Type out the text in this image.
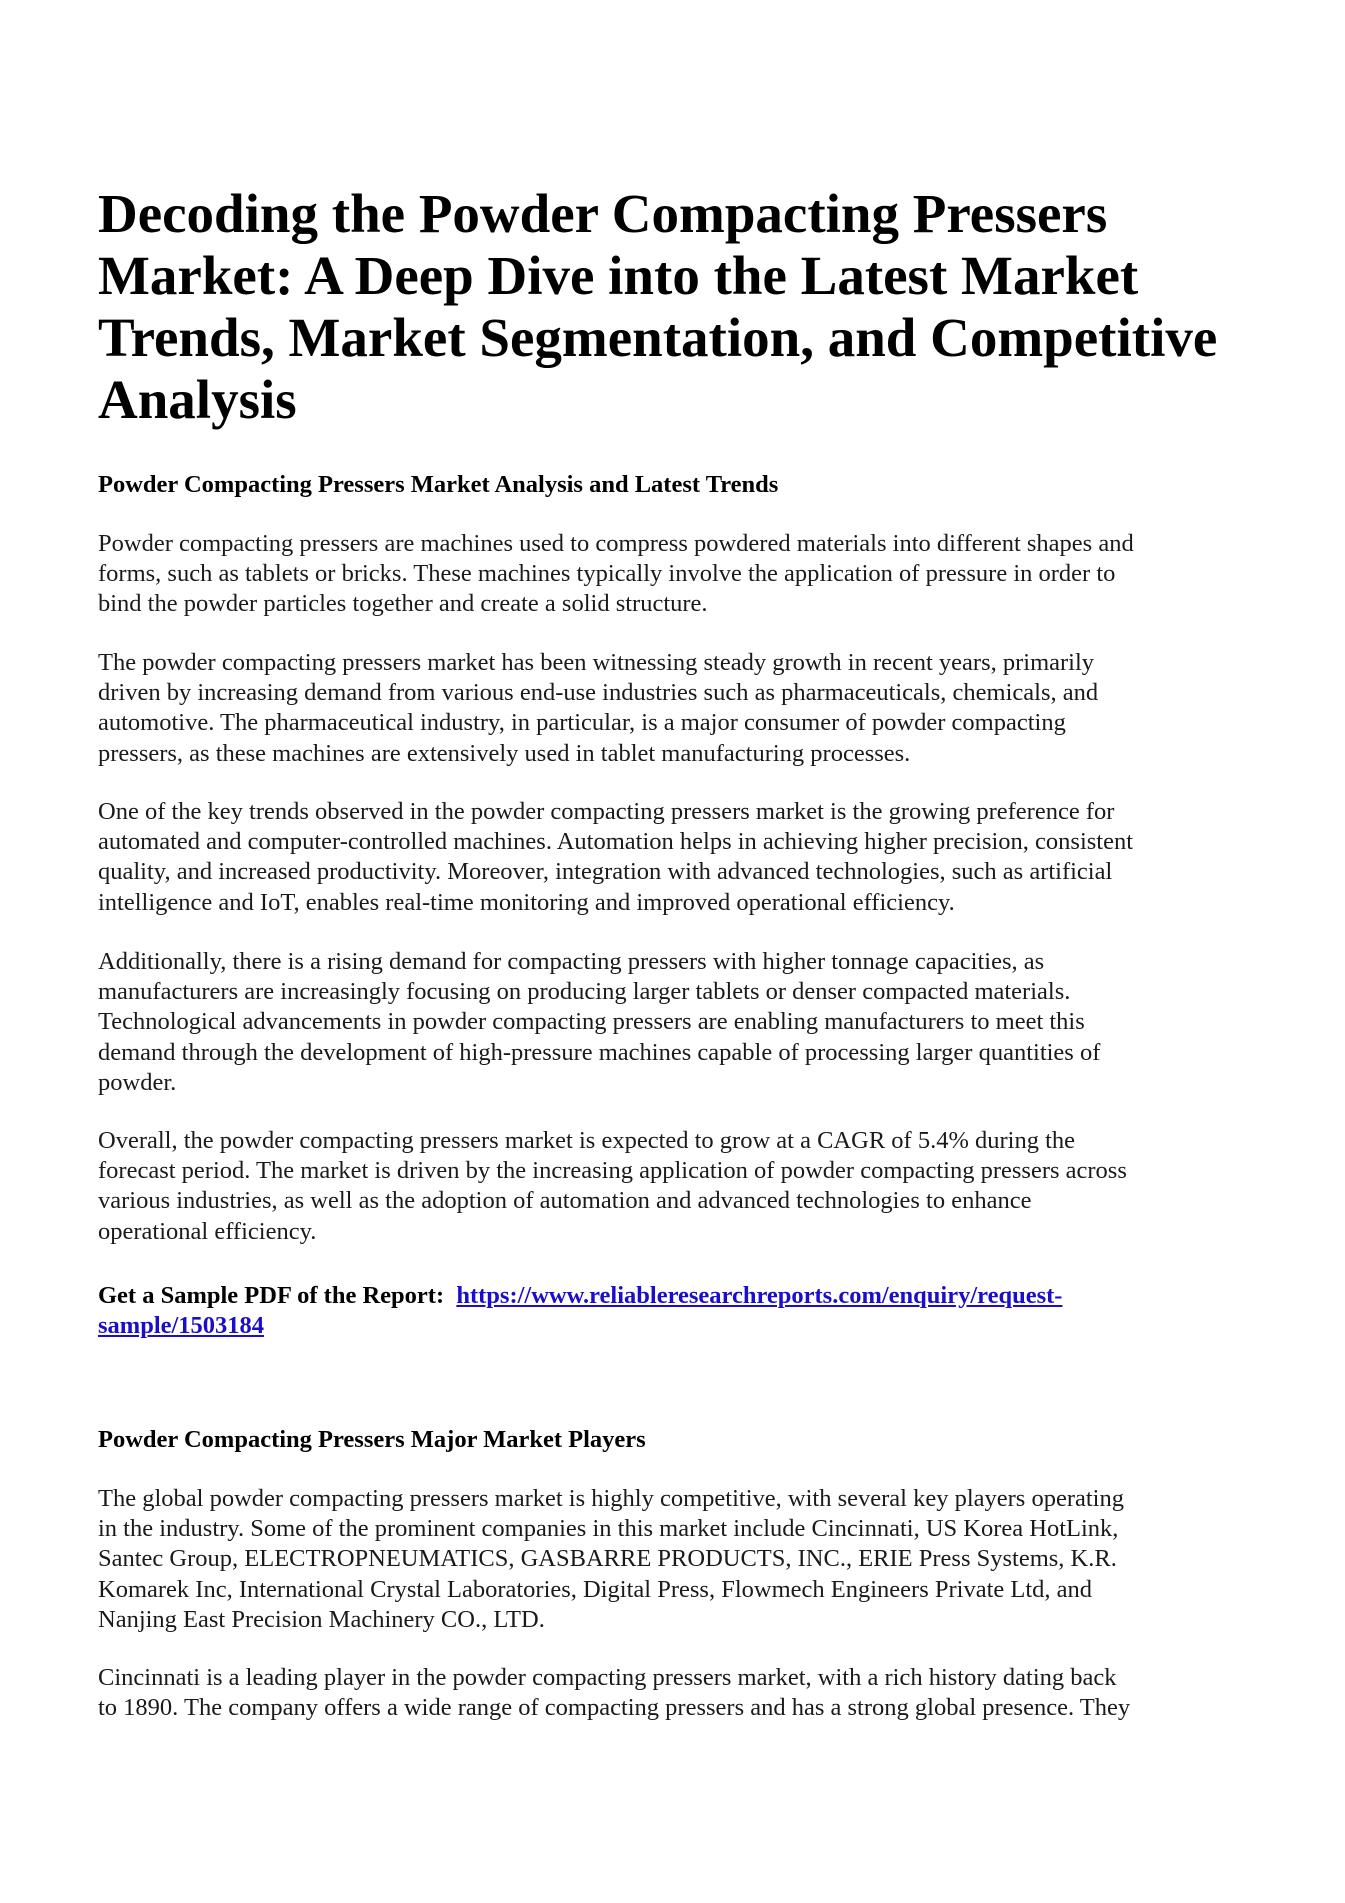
Decoding the Powder Compacting Pressers
Market: A Deep Dive into the Latest Market
Trends, Market Segmentation, and Competitive
Analysis
Powder Compacting Pressers Market Analysis and Latest Trends

Powder compacting pressers are machines used to compress powdered materials into different shapes and
forms, such as tablets or bricks. These machines typically involve the application of pressure in order to
bind the powder particles together and create a solid structure.

The powder compacting pressers market has been witnessing steady growth in recent years, primarily
driven by increasing demand from various end-use industries such as pharmaceuticals, chemicals, and
automotive. The pharmaceutical industry, in particular, is a major consumer of powder compacting
pressers, as these machines are extensively used in tablet manufacturing processes.

One of the key trends observed in the powder compacting pressers market is the growing preference for
automated and computer-controlled machines. Automation helps in achieving higher precision, consistent
quality, and increased productivity. Moreover, integration with advanced technologies, such as artificial
intelligence and IoT, enables real-time monitoring and improved operational efficiency.

Additionally, there is a rising demand for compacting pressers with higher tonnage capacities, as
manufacturers are increasingly focusing on producing larger tablets or denser compacted materials.
Technological advancements in powder compacting pressers are enabling manufacturers to meet this
demand through the development of high-pressure machines capable of processing larger quantities of
powder.

Overall, the powder compacting pressers market is expected to grow at a CAGR of 5.4% during the
forecast period. The market is driven by the increasing application of powder compacting pressers across
various industries, as well as the adoption of automation and advanced technologies to enhance
operational efficiency.

Get a Sample PDF of the Report: https://www.reliableresearchreports.com/enquiry/request-
sample/1503184

Powder Compacting Pressers Major Market Players

The global powder compacting pressers market is highly competitive, with several key players operating
in the industry. Some of the prominent companies in this market include Cincinnati, US Korea HotLink,
Santec Group, ELECTROPNEUMATICS, GASBARRE PRODUCTS, INC., ERIE Press Systems, K.R.
Komarek Inc, International Crystal Laboratories, Digital Press, Flowmech Engineers Private Ltd, and
Nanjing East Precision Machinery CO., LTD.

Cincinnati is a leading player in the powder compacting pressers market, with a rich history dating back
to 1890. The company offers a wide range of compacting pressers and has a strong global presence. They
